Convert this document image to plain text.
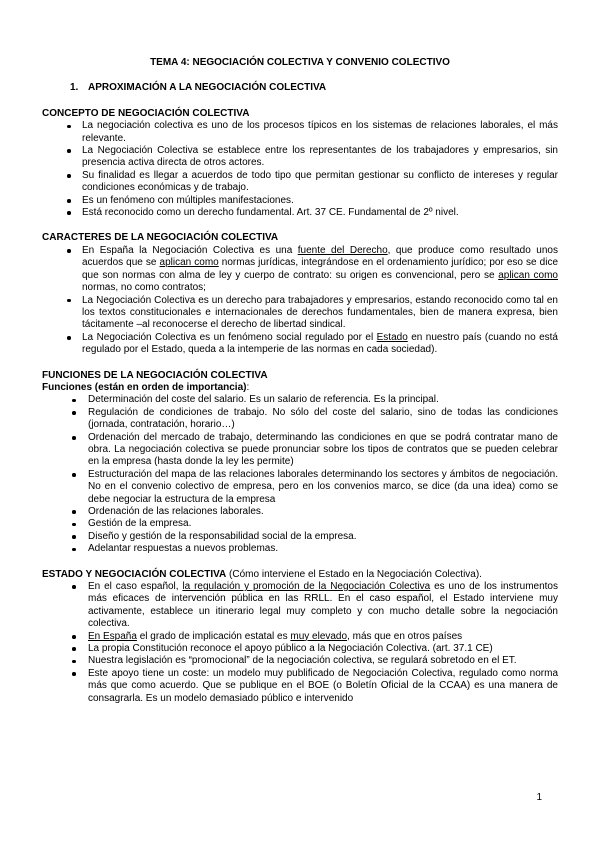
TEMA 4: NEGOCIACIÓN COLECTIVA Y CONVENIO COLECTIVO

1. APROXIMACIÓN A LA NEGOCIACIÓN COLECTIVA

CONCEPTO DE NEGOCIACIÓN COLECTIVA

La negociación colectiva es uno de los procesos típicos en los sistemas de relaciones laborales, el más relevante.
La Negociación Colectiva se establece entre los representantes de los trabajadores y empresarios, sin presencia activa directa de otros actores.
Su finalidad es llegar a acuerdos de todo tipo que permitan gestionar su conflicto de intereses y regular condiciones económicas y de trabajo.
Es un fenómeno con múltiples manifestaciones.
Está reconocido como un derecho fundamental. Art. 37 CE. Fundamental de 2º nivel.

CARACTERES DE LA NEGOCIACIÓN COLECTIVA

En España la Negociación Colectiva es una fuente del Derecho, que produce como resultado unos acuerdos que se aplican como normas jurídicas, integrándose en el ordenamiento jurídico; por eso se dice que son normas con alma de ley y cuerpo de contrato: su origen es convencional, pero se aplican como normas, no como contratos;
La Negociación Colectiva es un derecho para trabajadores y empresarios, estando reconocido como tal en los textos constitucionales e internacionales de derechos fundamentales, bien de manera expresa, bien tácitamente –al reconocerse el derecho de libertad sindical.
La Negociación Colectiva es un fenómeno social regulado por el Estado en nuestro país (cuando no está regulado por el Estado, queda a la intemperie de las normas en cada sociedad).

FUNCIONES DE LA NEGOCIACIÓN COLECTIVA

Funciones (están en orden de importancia):

Determinación del coste del salario. Es un salario de referencia. Es la principal.
Regulación de condiciones de trabajo. No sólo del coste del salario, sino de todas las condiciones (jornada, contratación, horario…)
Ordenación del mercado de trabajo, determinando las condiciones en que se podrá contratar mano de obra. La negociación colectiva se puede pronunciar sobre los tipos de contratos que se pueden celebrar en la empresa (hasta donde la ley les permite)
Estructuración del mapa de las relaciones laborales determinando los sectores y ámbitos de negociación. No en el convenio colectivo de empresa, pero en los convenios marco, se dice (da una idea) como se debe negociar la estructura de la empresa
Ordenación de las relaciones laborales.
Gestión de la empresa.
Diseño y gestión de la responsabilidad social de la empresa.
Adelantar respuestas a nuevos problemas.

ESTADO Y NEGOCIACIÓN COLECTIVA (Cómo interviene el Estado en la Negociación Colectiva).

En el caso español, la regulación y promoción de la Negociación Colectiva es uno de los instrumentos más eficaces de intervención pública en las RRLL. En el caso español, el Estado interviene muy activamente, establece un itinerario legal muy completo y con mucho detalle sobre la negociación colectiva.
En España el grado de implicación estatal es muy elevado, más que en otros países
La propia Constitución reconoce el apoyo público a la Negociación Colectiva. (art. 37.1 CE)
Nuestra legislación es “promocional” de la negociación colectiva, se regulará sobretodo en el ET.
Este apoyo tiene un coste: un modelo muy publificado de Negociación Colectiva, regulado como norma más que como acuerdo. Que se publique en el BOE (o Boletín Oficial de la CCAA) es una manera de consagrarla. Es un modelo demasiado público e intervenido

1
